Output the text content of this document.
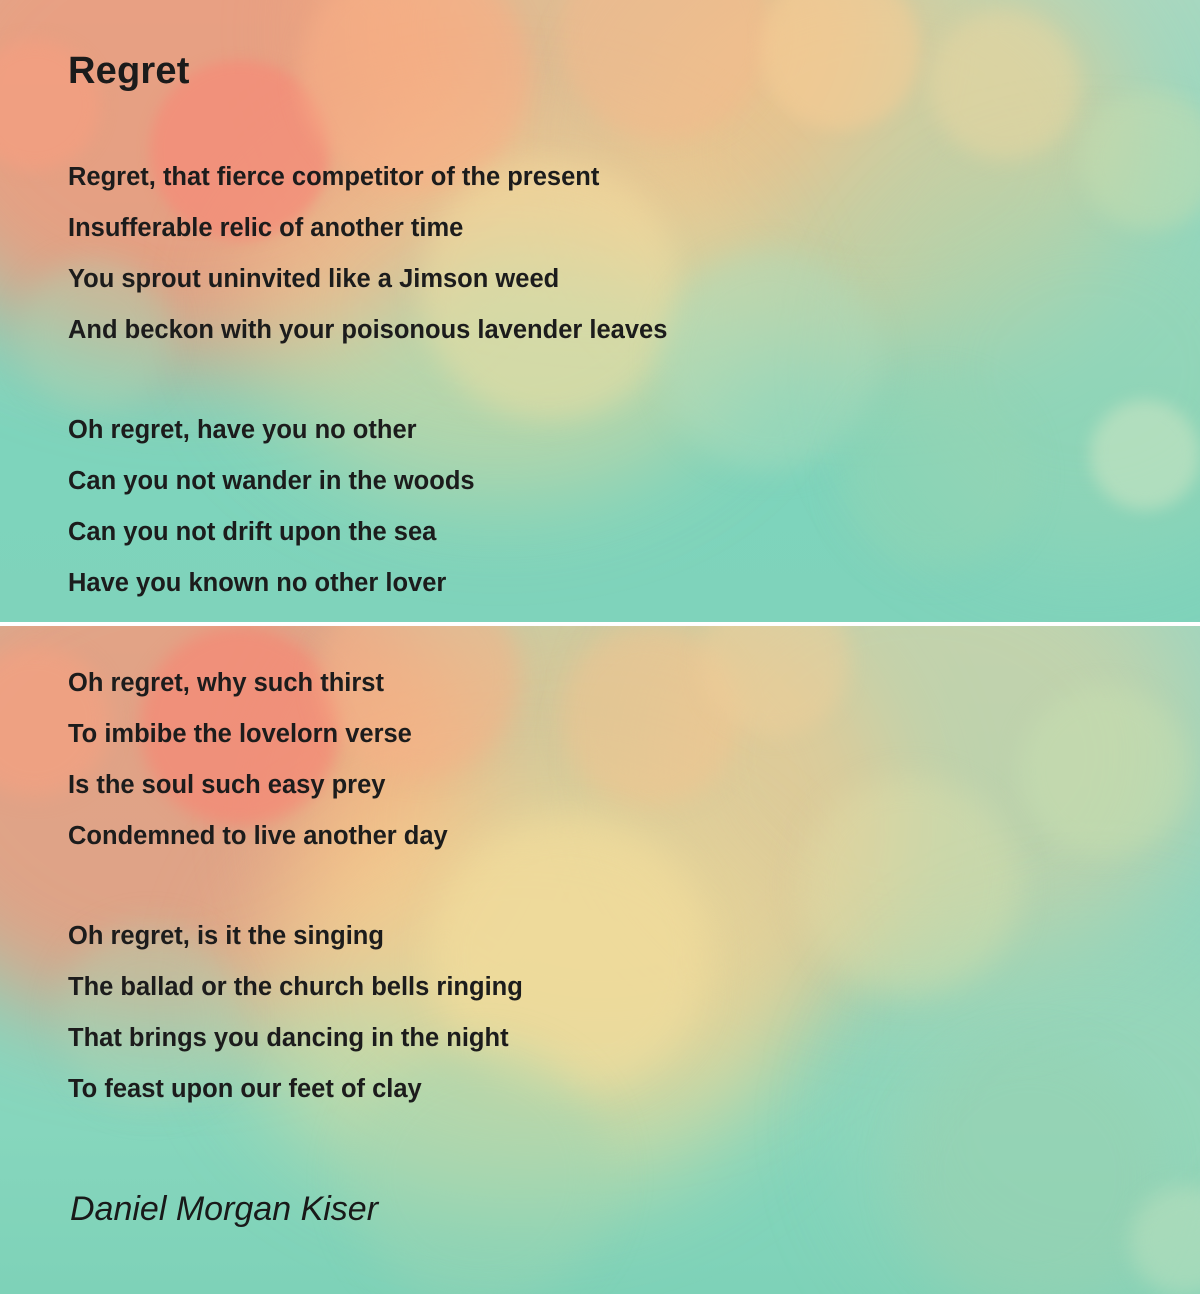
Regret
Regret, that fierce competitor of the present
Insufferable relic of another time
You sprout uninvited like a Jimson weed
And beckon with your poisonous lavender leaves
Oh regret, have you no other
Can you not wander in the woods
Can you not drift upon the sea
Have you known no other lover
Oh regret, why such thirst
To imbibe the lovelorn verse
Is the soul such easy prey
Condemned to live another day
Oh regret, is it the singing
The ballad or the church bells ringing
That brings you dancing in the night
To feast upon our feet of clay
Daniel Morgan Kiser
